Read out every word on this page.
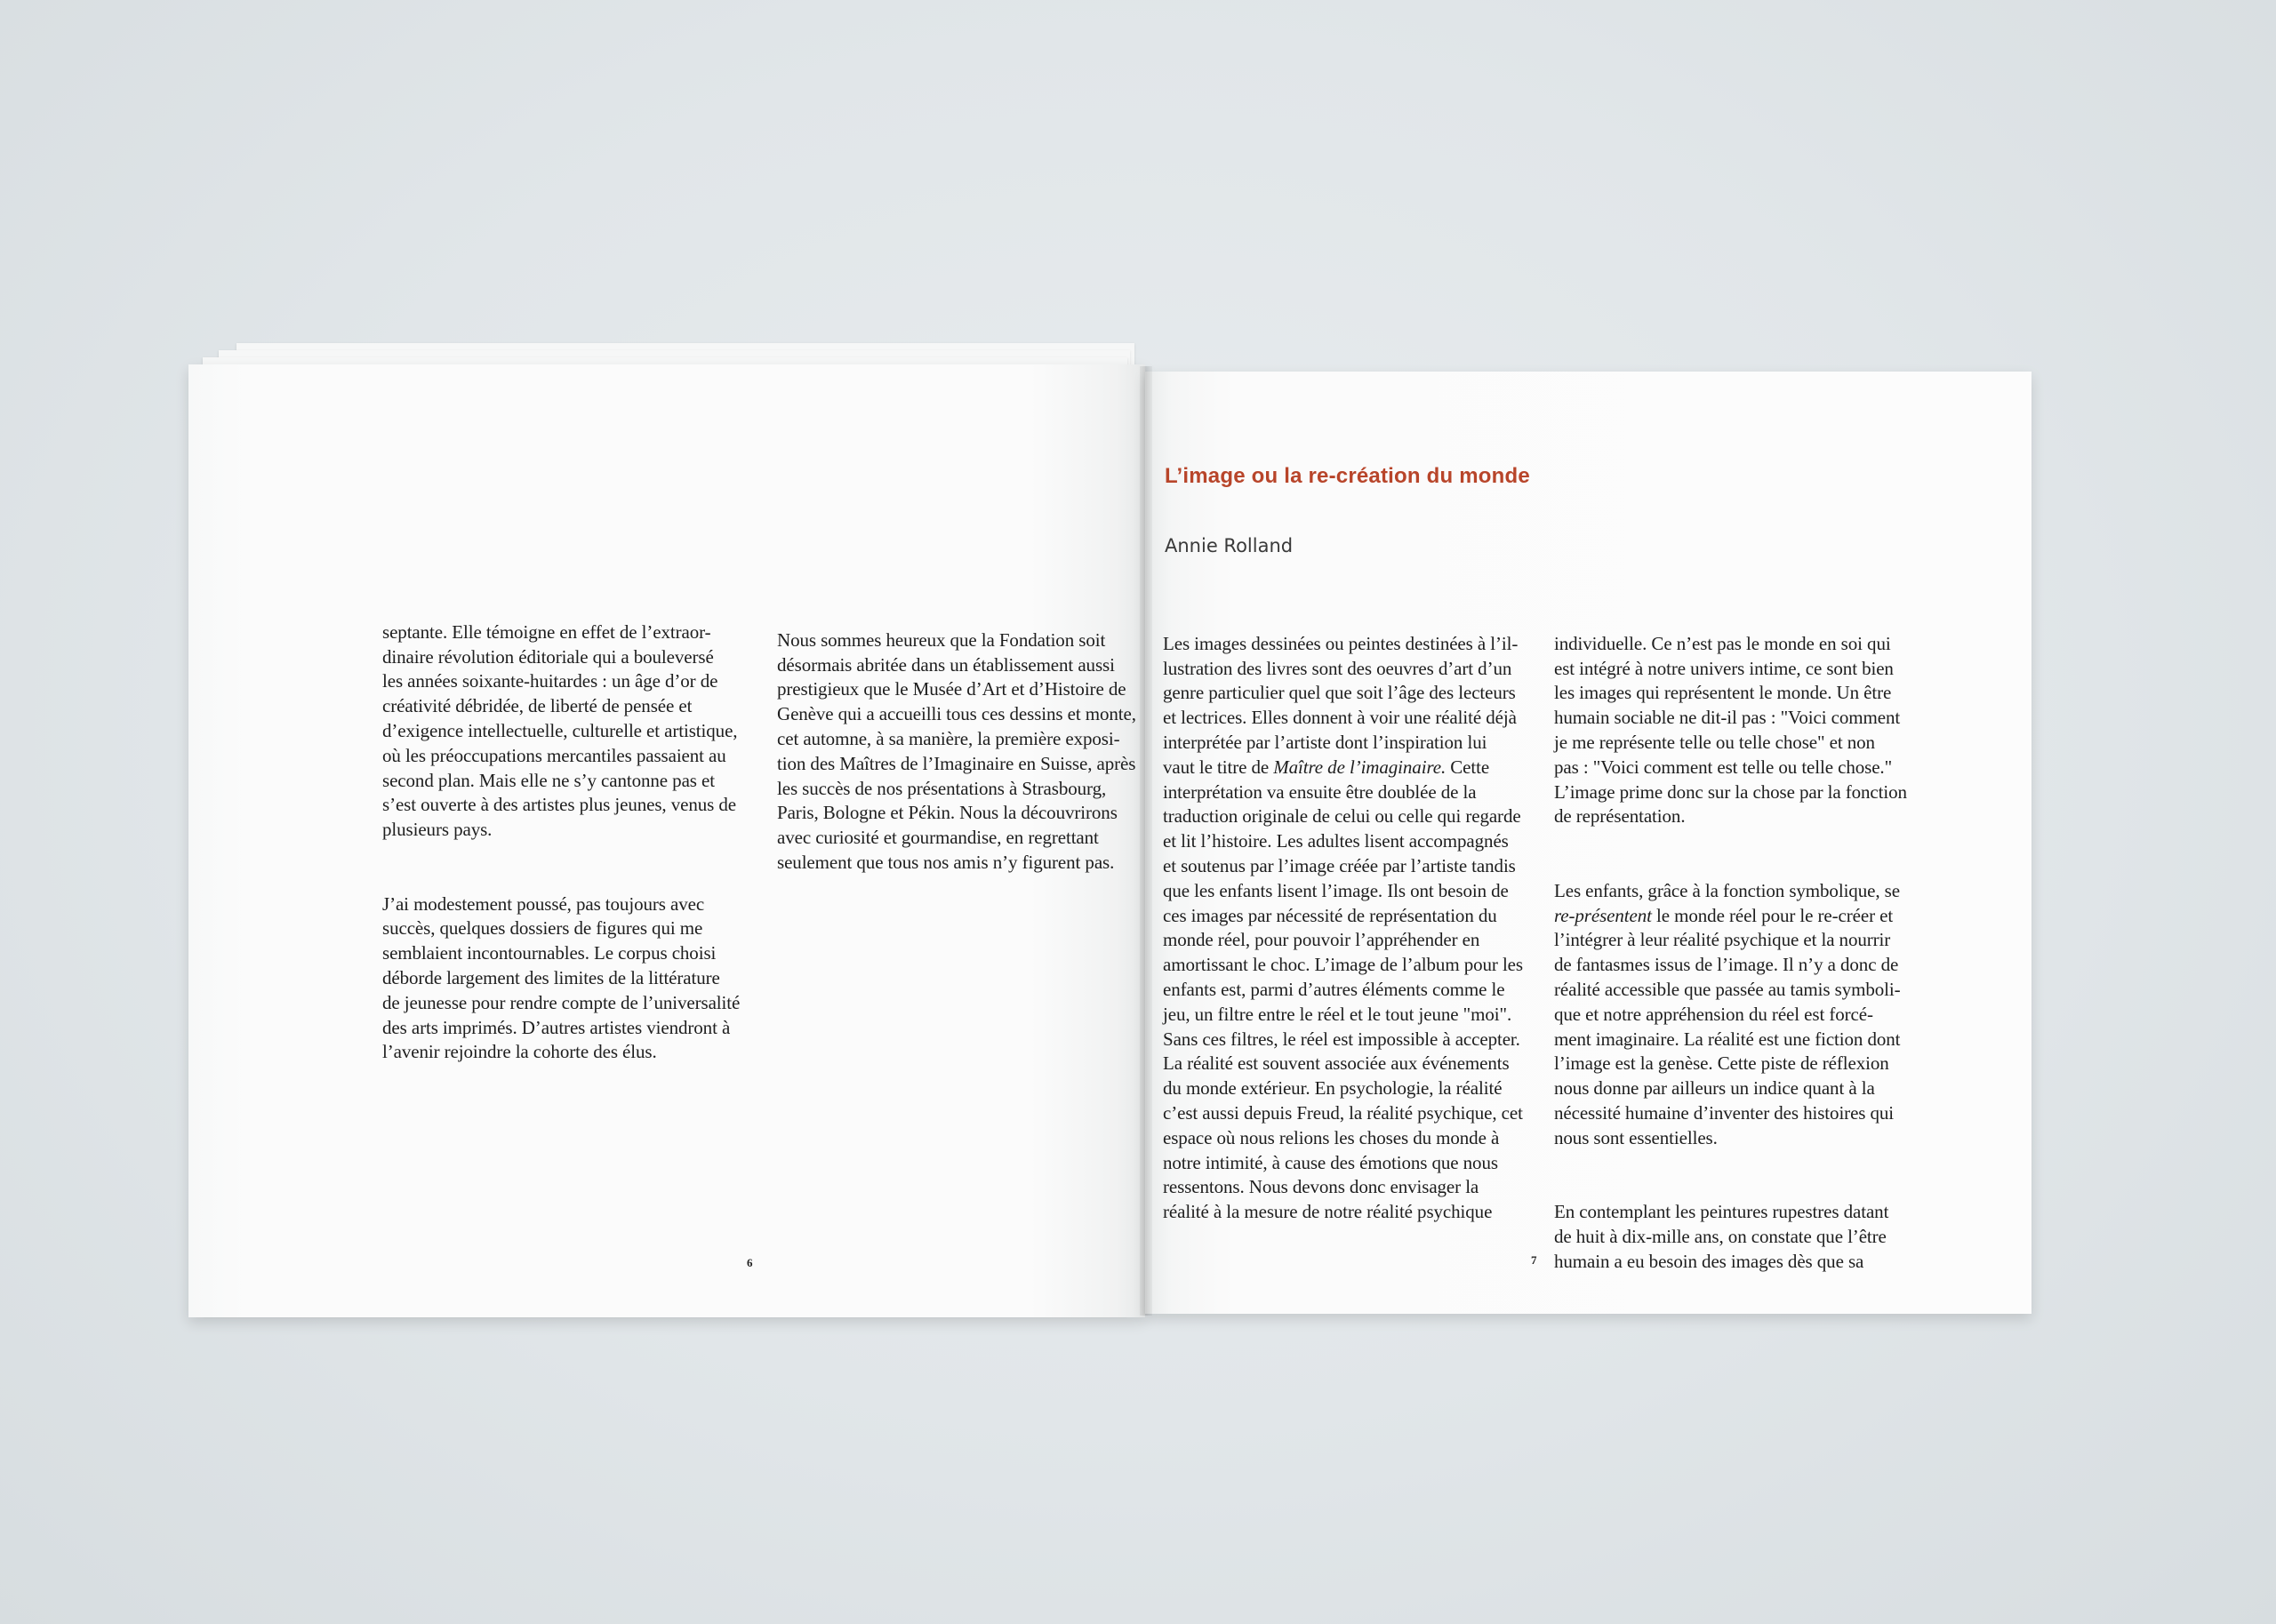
septante. Elle témoigne en effet de l’extraor-
dinaire révolution éditoriale qui a bouleversé
les années soixante-huitardes : un âge d’or de
créativité débridée, de liberté de pensée et
d’exigence intellectuelle, culturelle et artistique,
où les préoccupations mercantiles passaient au
second plan. Mais elle ne s’y cantonne pas et
s’est ouverte à des artistes plus jeunes, venus de
plusieurs pays.

J’ai modestement poussé, pas toujours avec
succès, quelques dossiers de figures qui me
semblaient incontournables. Le corpus choisi
déborde largement des limites de la littérature
de jeunesse pour rendre compte de l’universalité
des arts imprimés. D’autres artistes viendront à
l’avenir rejoindre la cohorte des élus.

Nous sommes heureux que la Fondation soit
désormais abritée dans un établissement aussi
prestigieux que le Musée d’Art et d’Histoire de
Genève qui a accueilli tous ces dessins et monte,
cet automne, à sa manière, la première exposi-
tion des Maîtres de l’Imaginaire en Suisse, après
les succès de nos présentations à Strasbourg,
Paris, Bologne et Pékin. Nous la découvrirons
avec curiosité et gourmandise, en regrettant
seulement que tous nos amis n’y figurent pas.

6
L’image ou la re-création du monde
Annie Rolland

Les images dessinées ou peintes destinées à l’il-
lustration des livres sont des oeuvres d’art d’un
genre particulier quel que soit l’âge des lecteurs
et lectrices. Elles donnent à voir une réalité déjà
interprétée par l’artiste dont l’inspiration lui
vaut le titre de Maître de l’imaginaire. Cette
interprétation va ensuite être doublée de la
traduction originale de celui ou celle qui regarde
et lit l’histoire. Les adultes lisent accompagnés
et soutenus par l’image créée par l’artiste tandis
que les enfants lisent l’image. Ils ont besoin de
ces images par nécessité de représentation du
monde réel, pour pouvoir l’appréhender en
amortissant le choc. L’image de l’album pour les
enfants est, parmi d’autres éléments comme le
jeu, un filtre entre le réel et le tout jeune "moi".
Sans ces filtres, le réel est impossible à accepter.
La réalité est souvent associée aux événements
du monde extérieur. En psychologie, la réalité
c’est aussi depuis Freud, la réalité psychique, cet
espace où nous relions les choses du monde à
notre intimité, à cause des émotions que nous
ressentons. Nous devons donc envisager la
réalité à la mesure de notre réalité psychique

individuelle. Ce n’est pas le monde en soi qui
est intégré à notre univers intime, ce sont bien
les images qui représentent le monde. Un être
humain sociable ne dit-il pas : "Voici comment
je me représente telle ou telle chose" et non
pas : "Voici comment est telle ou telle chose."
L’image prime donc sur la chose par la fonction
de représentation.

Les enfants, grâce à la fonction symbolique, se
re-présentent le monde réel pour le re-créer et
l’intégrer à leur réalité psychique et la nourrir
de fantasmes issus de l’image. Il n’y a donc de
réalité accessible que passée au tamis symboli-
que et notre appréhension du réel est forcé-
ment imaginaire. La réalité est une fiction dont
l’image est la genèse. Cette piste de réflexion
nous donne par ailleurs un indice quant à la
nécessité humaine d’inventer des histoires qui
nous sont essentielles.

En contemplant les peintures rupestres datant
de huit à dix-mille ans, on constate que l’être
humain a eu besoin des images dès que sa

7
